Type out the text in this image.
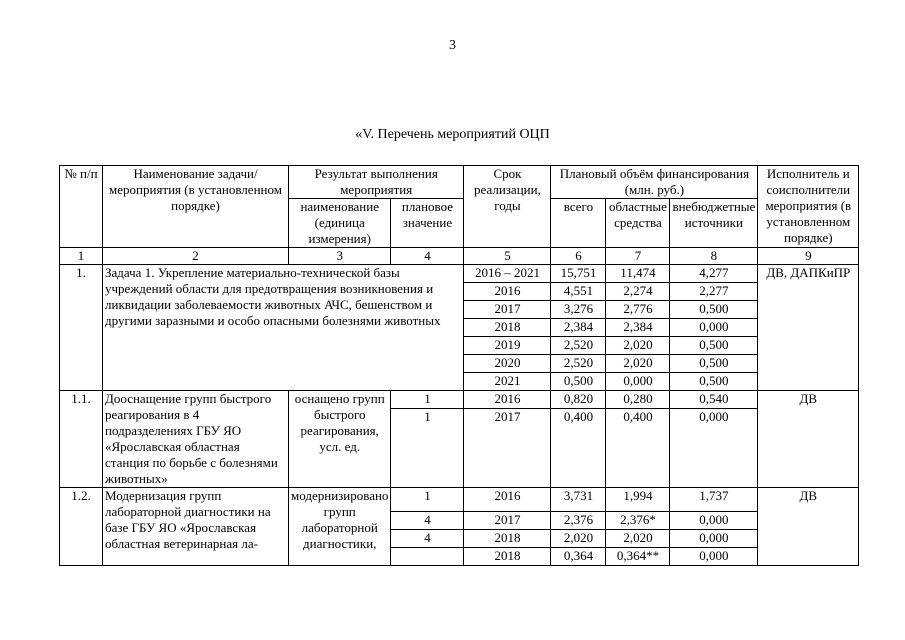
3
«V. Перечень мероприятий ОЦП
№ п/п	Наименование задачи/мероприятия (в установленном порядке)	Результат выполнения мероприятия		Срок реализации, годы	Плановый объём финансирования (млн. руб.)			Исполнитель и соисполнители мероприятия (в установленном порядке)
		наименование (единица измерения)	плановое значение		всего	областные средства	внебюджетные источники	
1	2	3	4	5	6	7	8	9
1.	Задача 1. Укрепление материально-технической базы учреждений области для предотвращения возникновения и ликвидации заболеваемости животных АЧС, бешенством и другими заразными и особо опасными болезнями животных			2016 – 2021	15,751	11,474	4,277	ДВ, ДАПКиПР
				2016	4,551	2,274	2,277	
				2017	3,276	2,776	0,500	
				2018	2,384	2,384	0,000	
				2019	2,520	2,020	0,500	
				2020	2,520	2,020	0,500	
				2021	0,500	0,000	0,500	
1.1.	Дооснащение групп быстрого реагирования в 4 подразделениях ГБУ ЯО «Ярославская областная станция по борьбе с болезнями животных»	оснащено групп быстрого реагирования, усл. ед.	1	2016	0,820	0,280	0,540	ДВ
			1	2017	0,400	0,400	0,000	
1.2.	Модернизация групп лабораторной диагностики на базе ГБУ ЯО «Ярославская областная ветеринарная ла-	модернизировано групп лабораторной диагностики,	1	2016	3,731	1,994	1,737	ДВ
			4	2017	2,376	2,376*	0,000	
			4	2018	2,020	2,020	0,000	
				2018	0,364	0,364**	0,000	
